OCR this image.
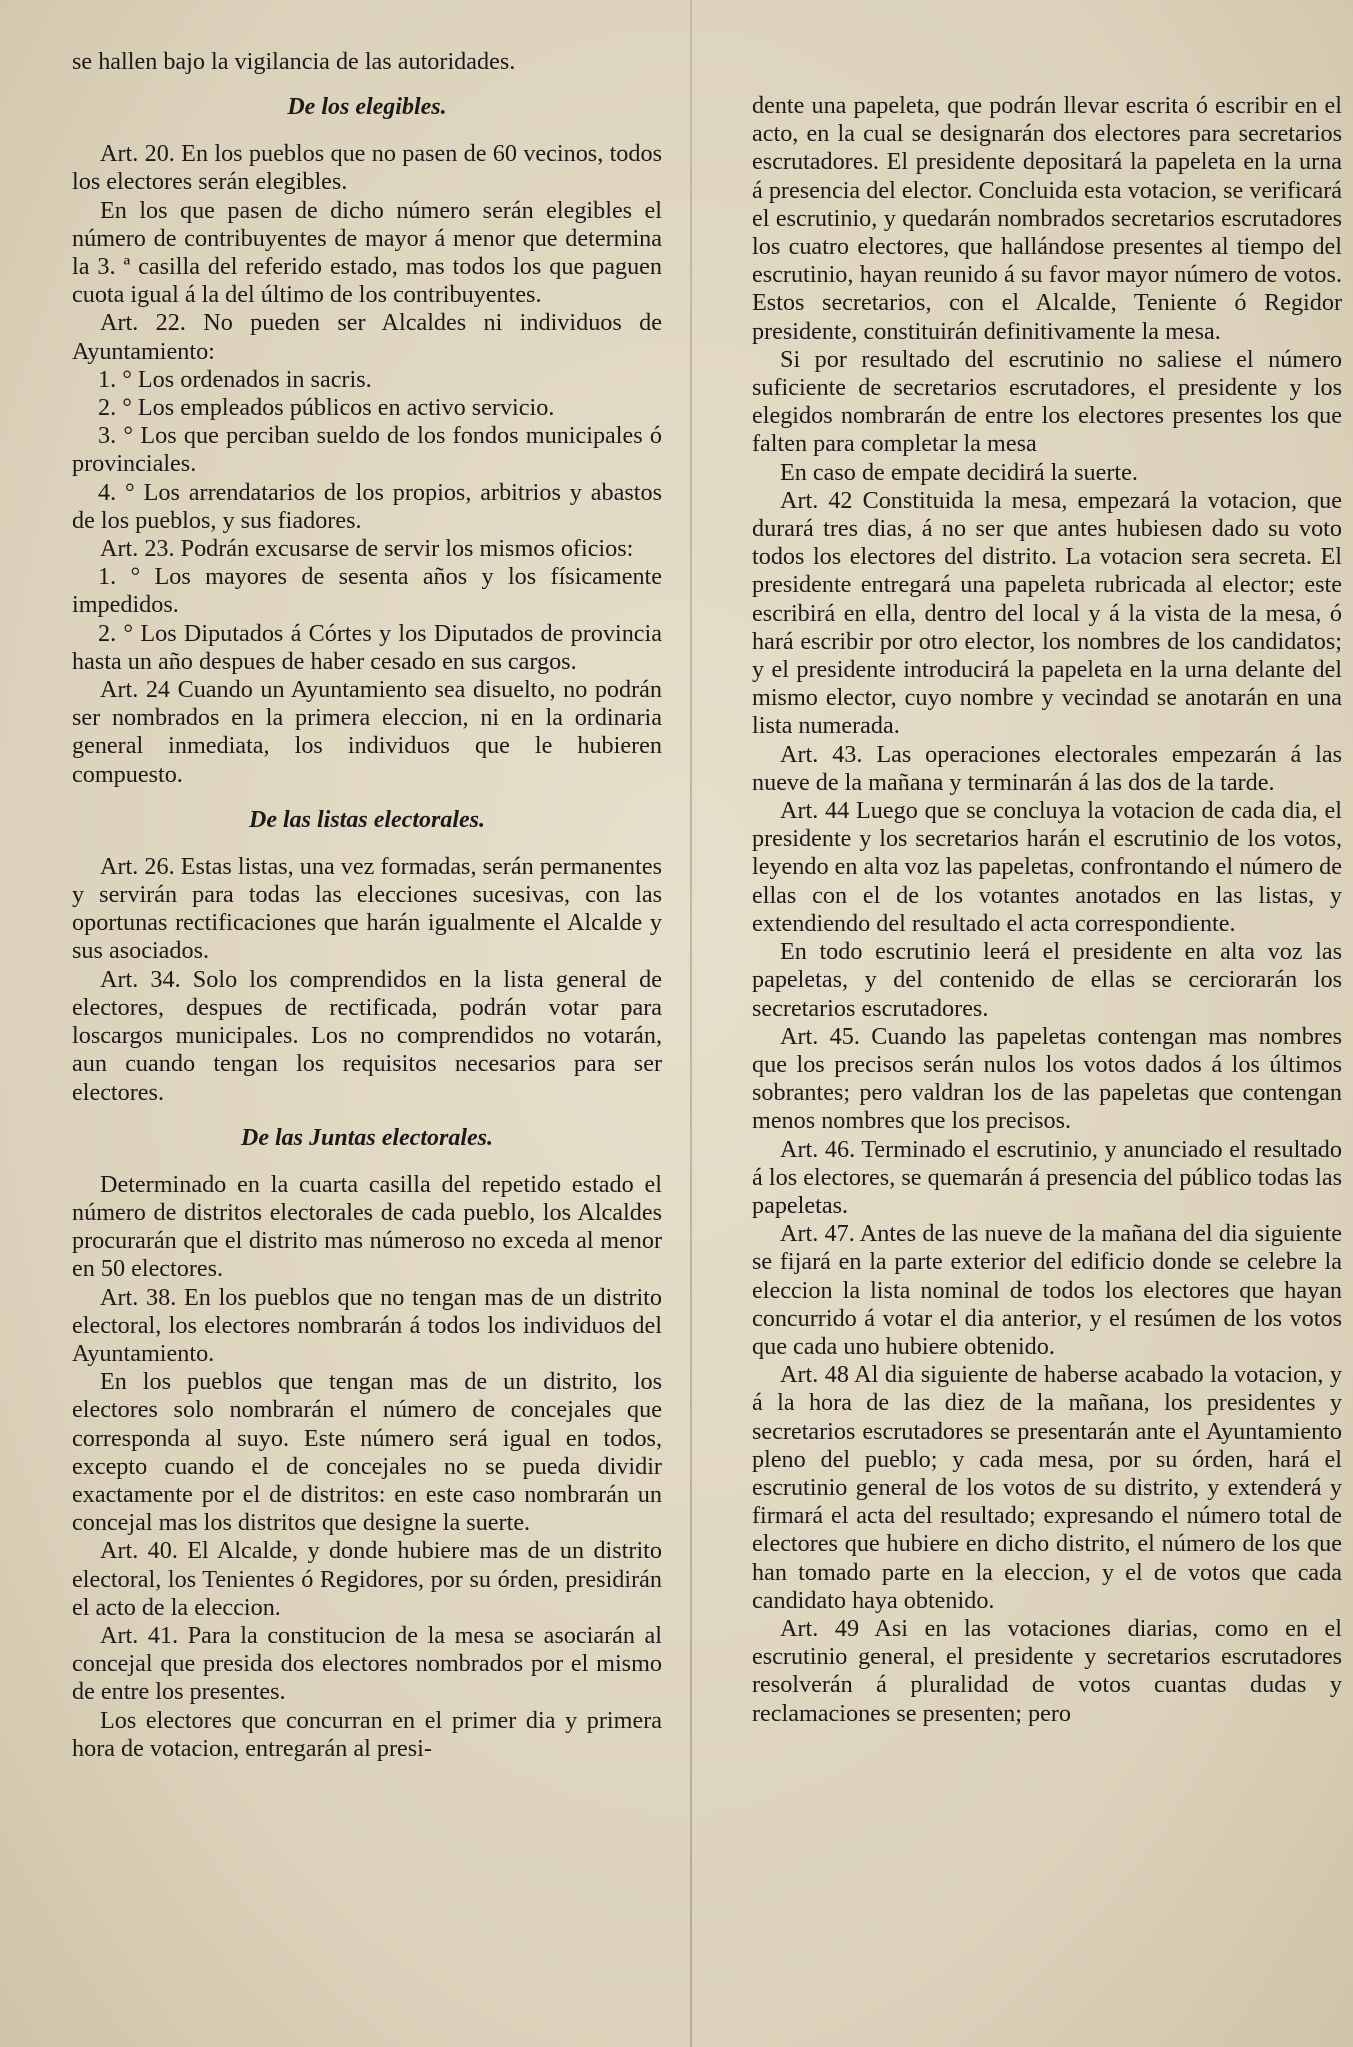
se hallen bajo la vigilancia de las autoridades.

De los elegibles.

Art. 20. En los pueblos que no pasen de 60 vecinos, todos los electores serán elegibles.

En los que pasen de dicho número serán elegibles el número de contribuyentes de mayor á menor que determina la 3. ª casilla del referido estado, mas todos los que paguen cuota igual á la del último de los contribuyentes.

Art. 22. No pueden ser Alcaldes ni individuos de Ayuntamiento:

1. ° Los ordenados in sacris.

2. ° Los empleados públicos en activo servicio.

3. ° Los que perciban sueldo de los fondos municipales ó provinciales.

4. ° Los arrendatarios de los propios, arbitrios y abastos de los pueblos, y sus fiadores.

Art. 23. Podrán excusarse de servir los mismos oficios:

1. ° Los mayores de sesenta años y los físicamente impedidos.

2. ° Los Diputados á Córtes y los Diputados de provincia hasta un año despues de haber cesado en sus cargos.

Art. 24 Cuando un Ayuntamiento sea disuelto, no podrán ser nombrados en la primera eleccion, ni en la ordinaria general inmediata, los individuos que le hubieren compuesto.

De las listas electorales.

Art. 26. Estas listas, una vez formadas, serán permanentes y servirán para todas las elecciones sucesivas, con las oportunas rectificaciones que harán igualmente el Alcalde y sus asociados.

Art. 34. Solo los comprendidos en la lista general de electores, despues de rectificada, podrán votar para loscargos municipales. Los no comprendidos no votarán, aun cuando tengan los requisitos necesarios para ser electores.

De las Juntas electorales.

Determinado en la cuarta casilla del repetido estado el número de distritos electorales de cada pueblo, los Alcaldes procurarán que el distrito mas númeroso no exceda al menor en 50 electores.

Art. 38. En los pueblos que no tengan mas de un distrito electoral, los electores nombrarán á todos los individuos del Ayuntamiento.

En los pueblos que tengan mas de un distrito, los electores solo nombrarán el número de concejales que corresponda al suyo. Este número será igual en todos, excepto cuando el de concejales no se pueda dividir exactamente por el de distritos: en este caso nombrarán un concejal mas los distritos que designe la suerte.

Art. 40. El Alcalde, y donde hubiere mas de un distrito electoral, los Tenientes ó Regidores, por su órden, presidirán el acto de la eleccion.

Art. 41. Para la constitucion de la mesa se asociarán al concejal que presida dos electores nombrados por el mismo de entre los presentes.

Los electores que concurran en el primer dia y primera hora de votacion, entregarán al presi-

dente una papeleta, que podrán llevar escrita ó escribir en el acto, en la cual se designarán dos electores para secretarios escrutadores. El presidente depositará la papeleta en la urna á presencia del elector. Concluida esta votacion, se verificará el escrutinio, y quedarán nombrados secretarios escrutadores los cuatro electores, que hallándose presentes al tiempo del escrutinio, hayan reunido á su favor mayor número de votos. Estos secretarios, con el Alcalde, Teniente ó Regidor presidente, constituirán definitivamente la mesa.

Si por resultado del escrutinio no saliese el número suficiente de secretarios escrutadores, el presidente y los elegidos nombrarán de entre los electores presentes los que falten para completar la mesa

En caso de empate decidirá la suerte.

Art. 42 Constituida la mesa, empezará la votacion, que durará tres dias, á no ser que antes hubiesen dado su voto todos los electores del distrito. La votacion sera secreta. El presidente entregará una papeleta rubricada al elector; este escribirá en ella, dentro del local y á la vista de la mesa, ó hará escribir por otro elector, los nombres de los candidatos; y el presidente introducirá la papeleta en la urna delante del mismo elector, cuyo nombre y vecindad se anotarán en una lista numerada.

Art. 43. Las operaciones electorales empezarán á las nueve de la mañana y terminarán á las dos de la tarde.

Art. 44 Luego que se concluya la votacion de cada dia, el presidente y los secretarios harán el escrutinio de los votos, leyendo en alta voz las papeletas, confrontando el número de ellas con el de los votantes anotados en las listas, y extendiendo del resultado el acta correspondiente.

En todo escrutinio leerá el presidente en alta voz las papeletas, y del contenido de ellas se cerciorarán los secretarios escrutadores.

Art. 45. Cuando las papeletas contengan mas nombres que los precisos serán nulos los votos dados á los últimos sobrantes; pero valdran los de las papeletas que contengan menos nombres que los precisos.

Art. 46. Terminado el escrutinio, y anunciado el resultado á los electores, se quemarán á presencia del público todas las papeletas.

Art. 47. Antes de las nueve de la mañana del dia siguiente se fijará en la parte exterior del edificio donde se celebre la eleccion la lista nominal de todos los electores que hayan concurrido á votar el dia anterior, y el resúmen de los votos que cada uno hubiere obtenido.

Art. 48 Al dia siguiente de haberse acabado la votacion, y á la hora de las diez de la mañana, los presidentes y secretarios escrutadores se presentarán ante el Ayuntamiento pleno del pueblo; y cada mesa, por su órden, hará el escrutinio general de los votos de su distrito, y extenderá y firmará el acta del resultado; expresando el número total de electores que hubiere en dicho distrito, el número de los que han tomado parte en la eleccion, y el de votos que cada candidato haya obtenido.

Art. 49 Asi en las votaciones diarias, como en el escrutinio general, el presidente y secretarios escrutadores resolverán á pluralidad de votos cuantas dudas y reclamaciones se presenten; pero
